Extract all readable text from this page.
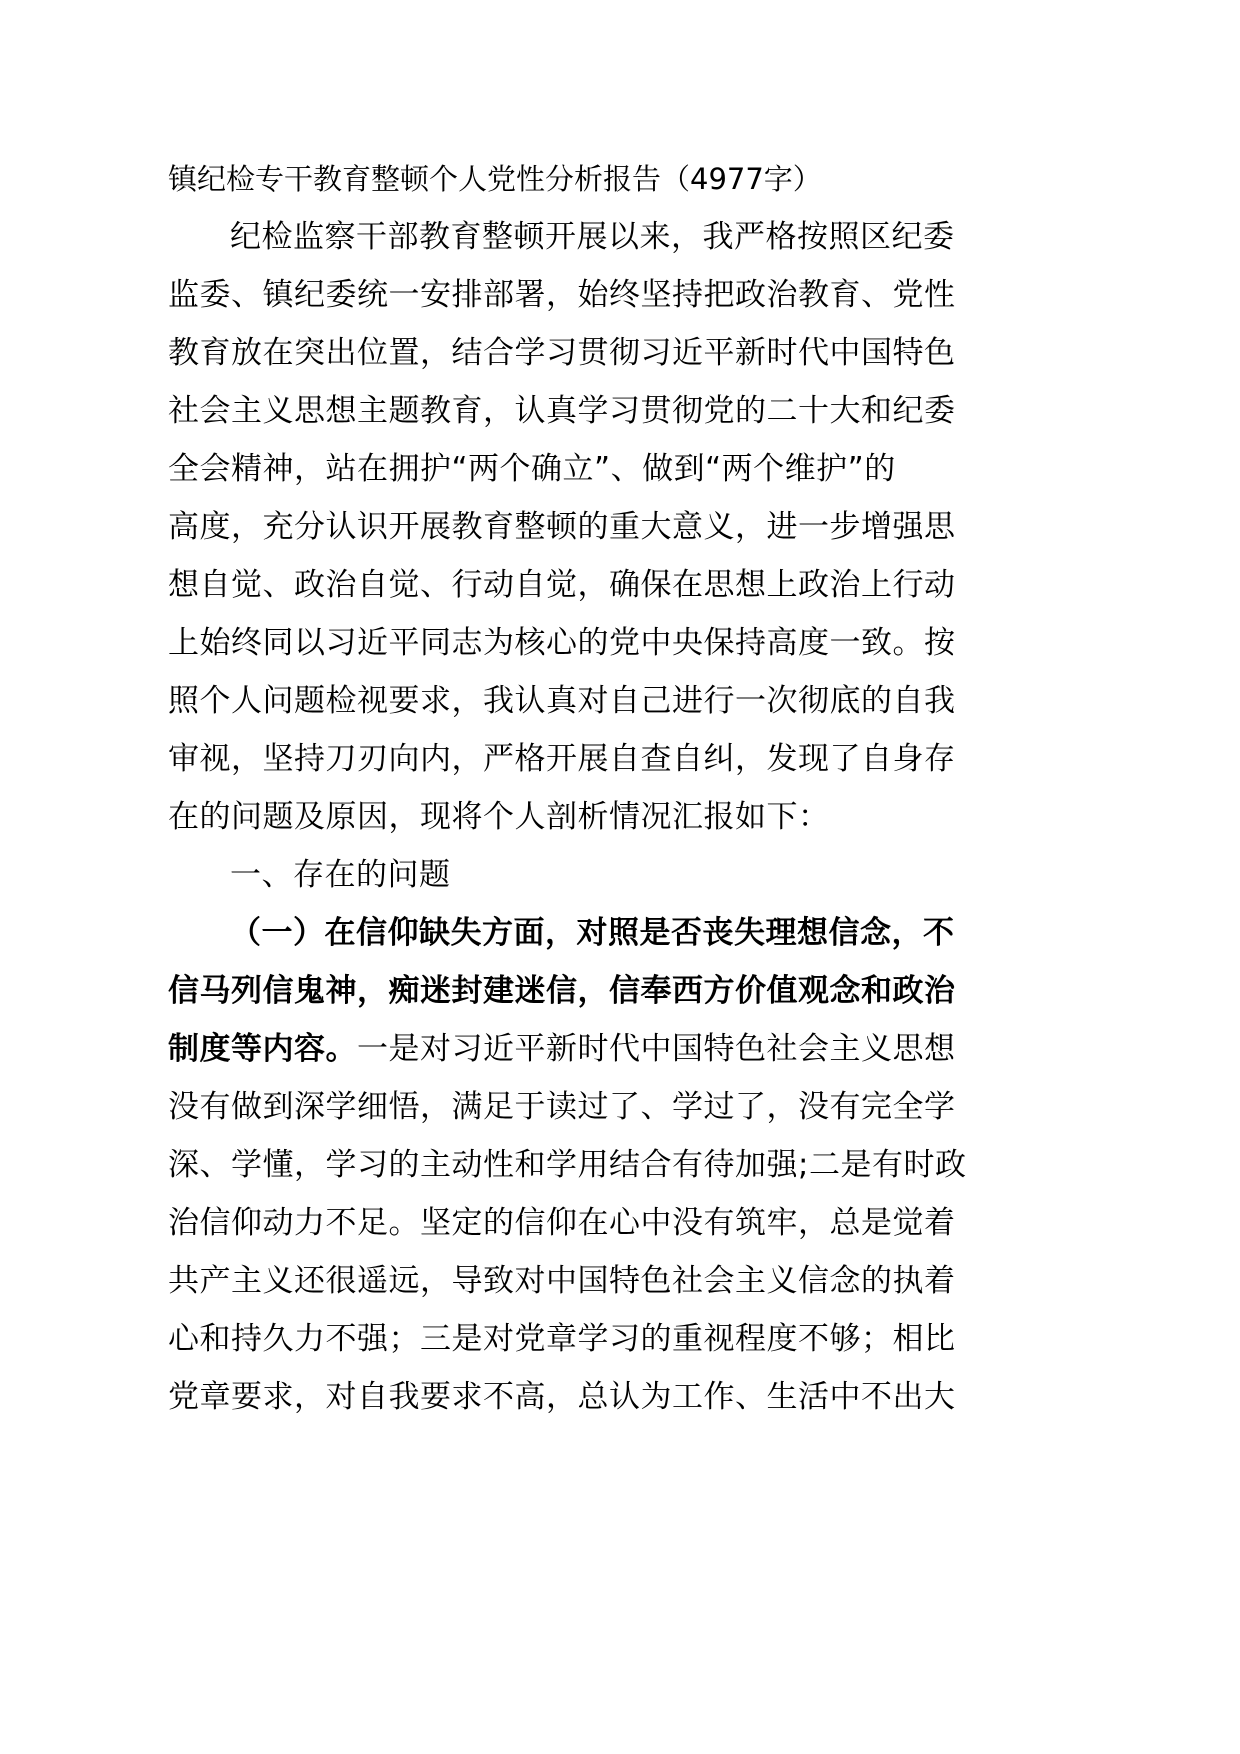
镇纪检专干教育整顿个人党性分析报告（4977字）
纪检监察干部教育整顿开展以来，我严格按照区纪委
监委、镇纪委统一安排部署，始终坚持把政治教育、党性
教育放在突出位置，结合学习贯彻习近平新时代中国特色
社会主义思想主题教育，认真学习贯彻党的二十大和纪委
全会精神，站在拥护“两个确立”、做到“两个维护”的
高度，充分认识开展教育整顿的重大意义，进一步增强思
想自觉、政治自觉、行动自觉，确保在思想上政治上行动
上始终同以习近平同志为核心的党中央保持高度一致。按
照个人问题检视要求，我认真对自己进行一次彻底的自我
审视，坚持刀刃向内，严格开展自查自纠，发现了自身存
在的问题及原因，现将个人剖析情况汇报如下：
一、存在的问题
（一）在信仰缺失方面，对照是否丧失理想信念，不
信马列信鬼神，痴迷封建迷信，信奉西方价值观念和政治
制度等内容。一是对习近平新时代中国特色社会主义思想
没有做到深学细悟，满足于读过了、学过了，没有完全学
深、学懂，学习的主动性和学用结合有待加强;二是有时政
治信仰动力不足。坚定的信仰在心中没有筑牢，总是觉着
共产主义还很遥远，导致对中国特色社会主义信念的执着
心和持久力不强；三是对党章学习的重视程度不够；相比
党章要求，对自我要求不高，总认为工作、生活中不出大
